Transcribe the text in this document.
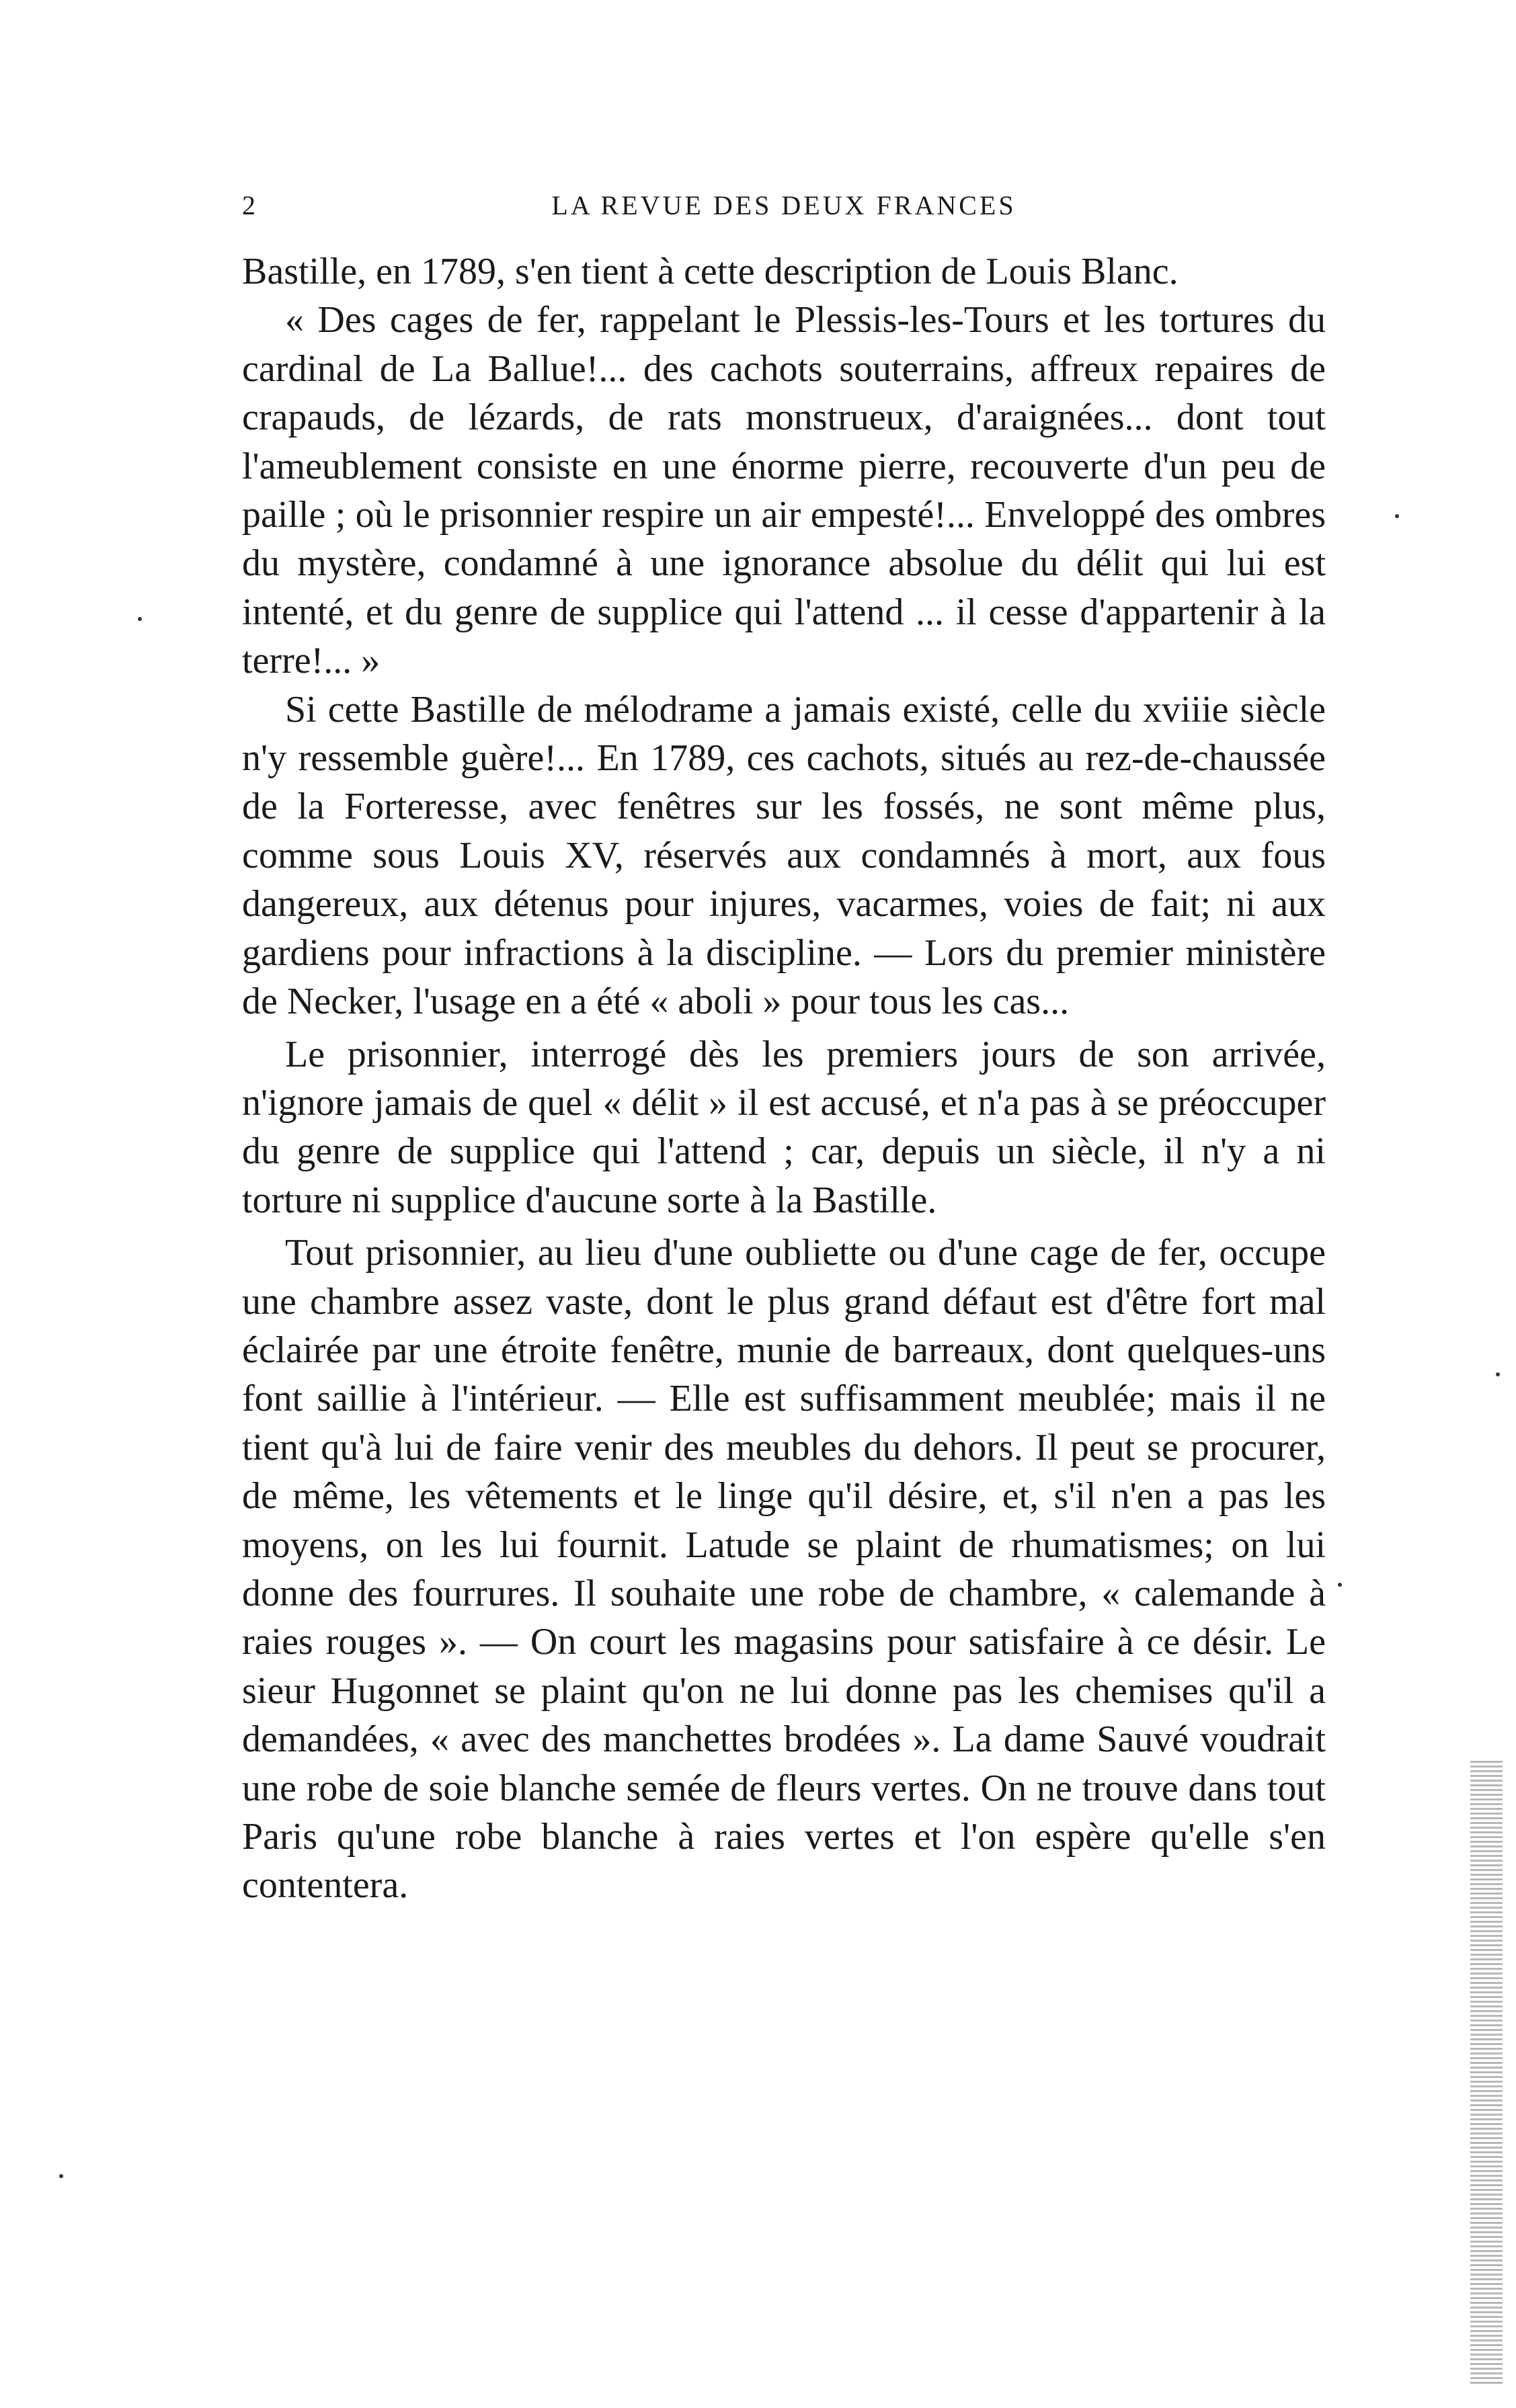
2	LA REVUE DES DEUX FRANCES

Bastille, en 1789, s'en tient à cette description de Louis Blanc.

« Des cages de fer, rappelant le Plessis-les-Tours et les tortures du cardinal de La Ballue!... des cachots souterrains, affreux repaires de crapauds, de lézards, de rats monstrueux, d'araignées... dont tout l'ameublement consiste en une énorme pierre, recouverte d'un peu de paille ; où le prisonnier respire un air empesté!... Enveloppé des ombres du mystère, condamné à une ignorance absolue du délit qui lui est intenté, et du genre de supplice qui l'attend ... il cesse d'appartenir à la terre!... »

Si cette Bastille de mélodrame a jamais existé, celle du xviiie siècle n'y ressemble guère!... En 1789, ces cachots, situés au rez-de-chaussée de la Forteresse, avec fenêtres sur les fossés, ne sont même plus, comme sous Louis XV, réservés aux condamnés à mort, aux fous dangereux, aux détenus pour injures, vacarmes, voies de fait; ni aux gardiens pour infractions à la discipline. — Lors du premier ministère de Necker, l'usage en a été « aboli » pour tous les cas...

Le prisonnier, interrogé dès les premiers jours de son arrivée, n'ignore jamais de quel « délit » il est accusé, et n'a pas à se préoccuper du genre de supplice qui l'attend ; car, depuis un siècle, il n'y a ni torture ni supplice d'aucune sorte à la Bastille.

Tout prisonnier, au lieu d'une oubliette ou d'une cage de fer, occupe une chambre assez vaste, dont le plus grand défaut est d'être fort mal éclairée par une étroite fenêtre, munie de barreaux, dont quelques-uns font saillie à l'intérieur. — Elle est suffisamment meublée; mais il ne tient qu'à lui de faire venir des meubles du dehors. Il peut se procurer, de même, les vêtements et le linge qu'il désire, et, s'il n'en a pas les moyens, on les lui fournit. Latude se plaint de rhumatismes; on lui donne des fourrures. Il souhaite une robe de chambre, « calemande à raies rouges ». — On court les magasins pour satisfaire à ce désir. Le sieur Hugonnet se plaint qu'on ne lui donne pas les chemises qu'il a demandées, « avec des manchettes brodées ». La dame Sauvé voudrait une robe de soie blanche semée de fleurs vertes. On ne trouve dans tout Paris qu'une robe blanche à raies vertes et l'on espère qu'elle s'en contentera.
